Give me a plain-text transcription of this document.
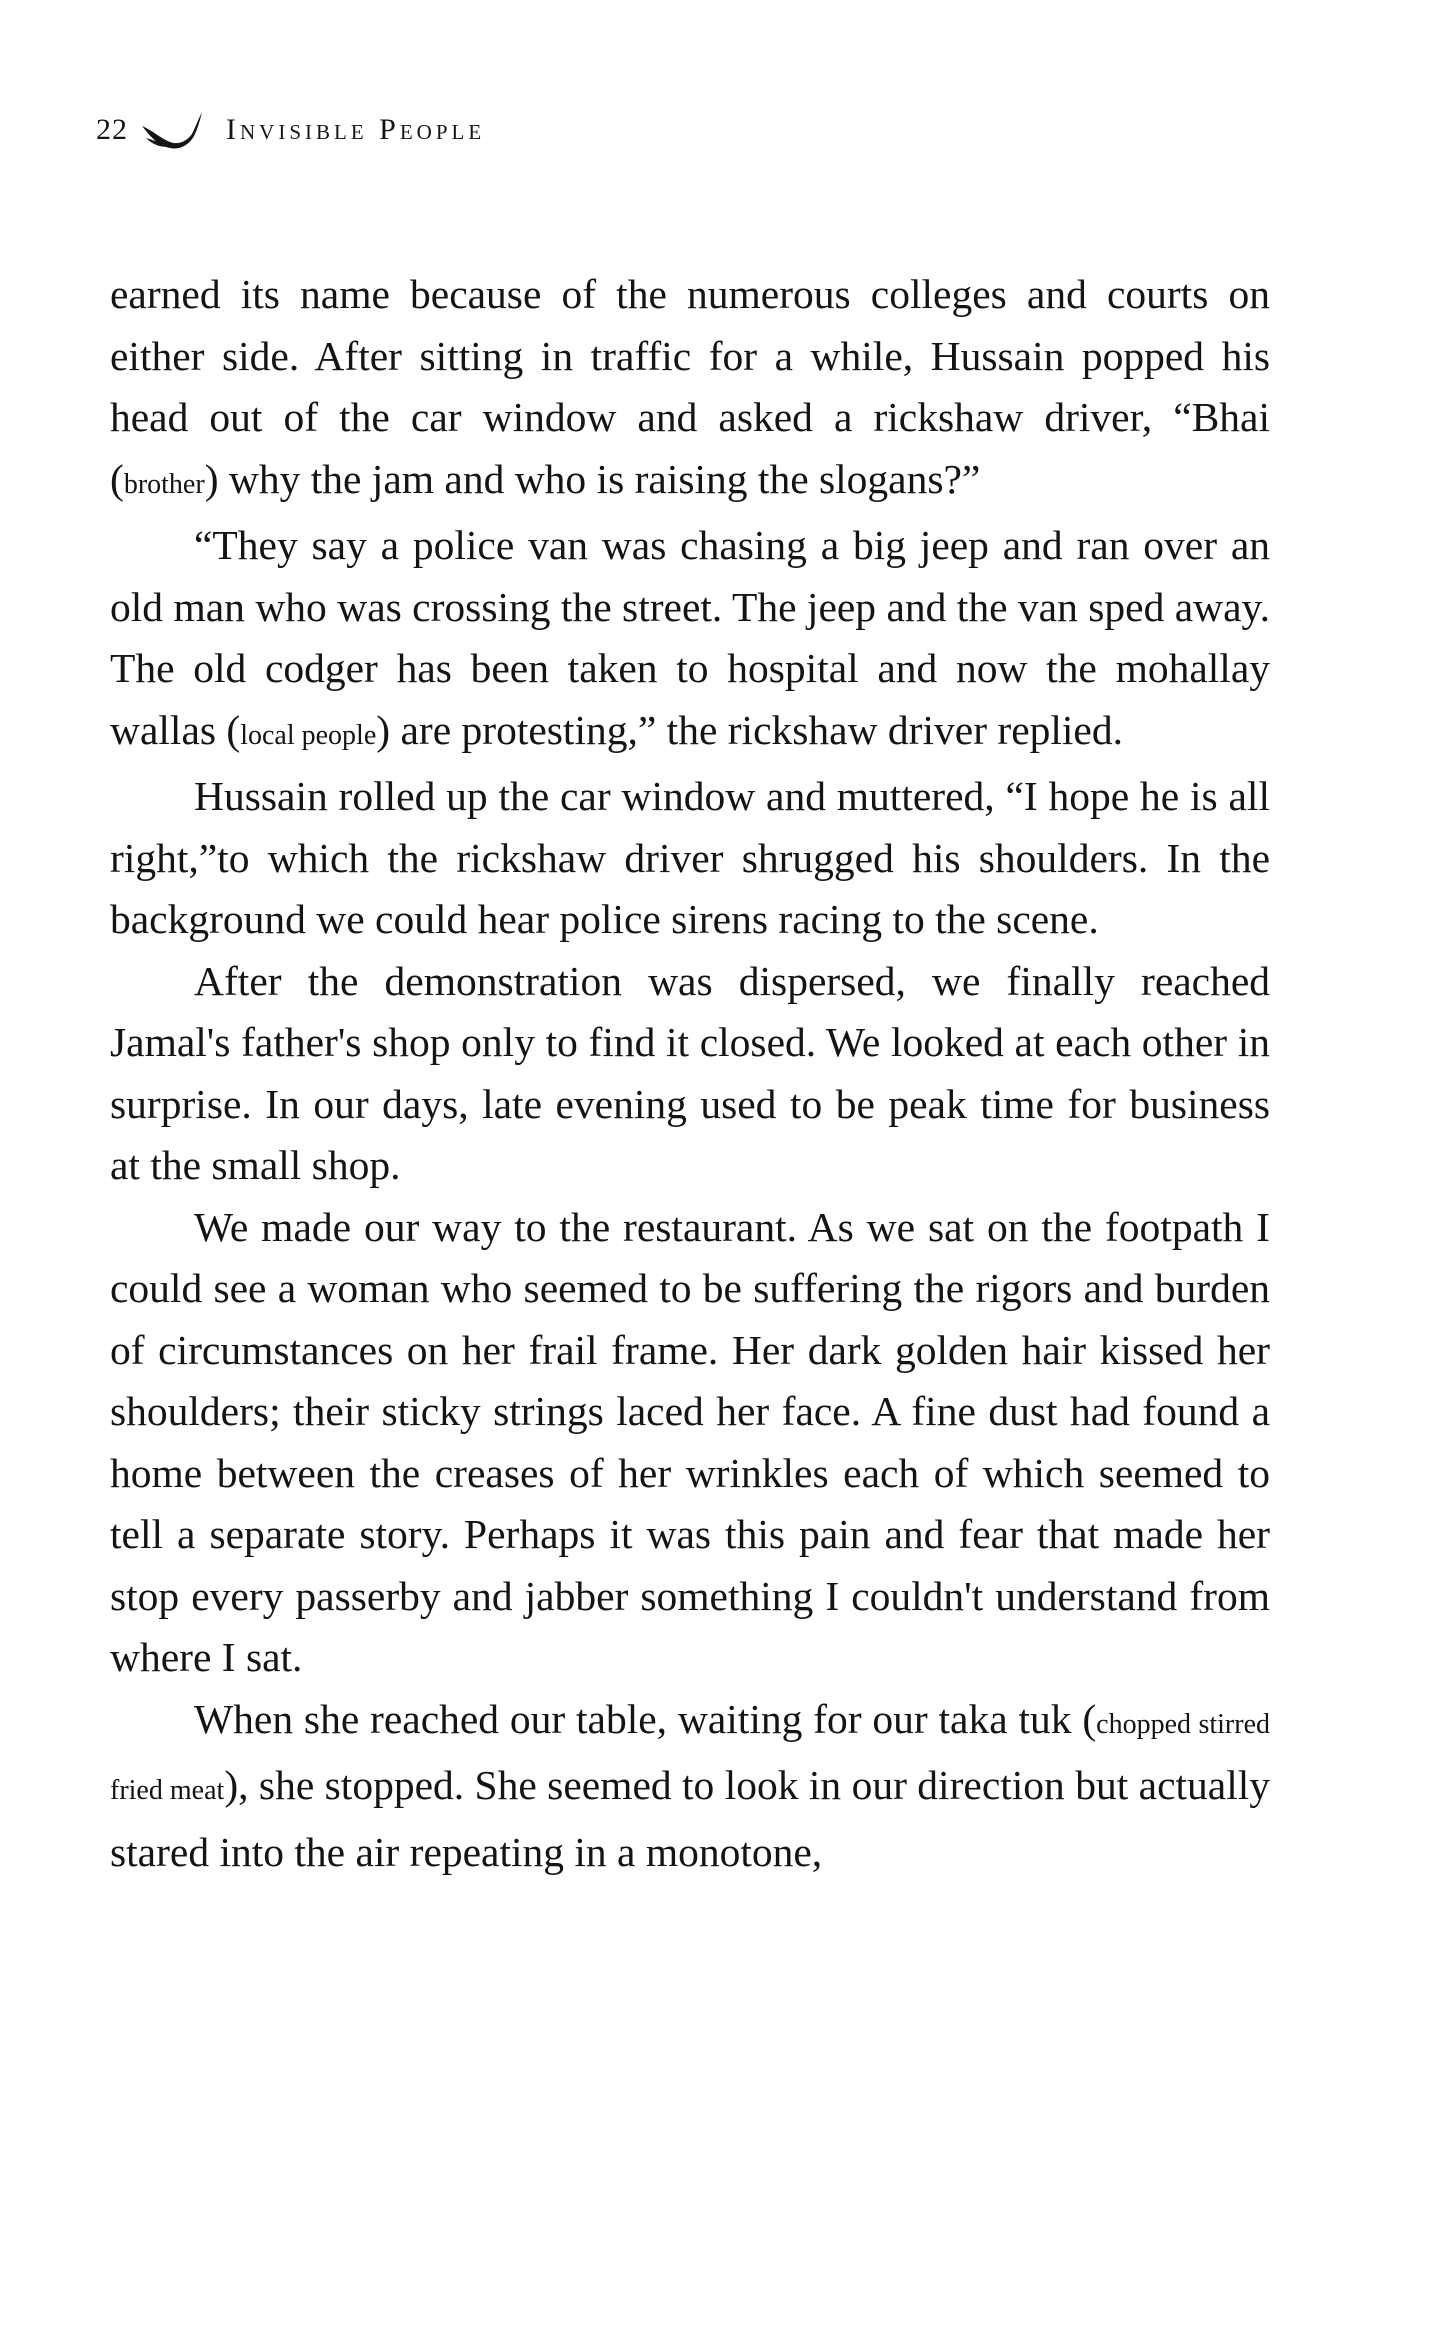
22	Invisible People

earned its name because of the numerous colleges and courts on either side. After sitting in traffic for a while, Hussain popped his head out of the car window and asked a rickshaw driver, “Bhai (brother) why the jam and who is raising the slogans?”

“They say a police van was chasing a big jeep and ran over an old man who was crossing the street. The jeep and the van sped away. The old codger has been taken to hospital and now the mohallay wallas (local people) are protesting,” the rickshaw driver replied.

Hussain rolled up the car window and muttered, “I hope he is all right,”to which the rickshaw driver shrugged his shoulders. In the background we could hear police sirens racing to the scene.

After the demonstration was dispersed, we finally reached Jamal's father's shop only to find it closed. We looked at each other in surprise. In our days, late evening used to be peak time for business at the small shop.

We made our way to the restaurant. As we sat on the footpath I could see a woman who seemed to be suffering the rigors and burden of circumstances on her frail frame. Her dark golden hair kissed her shoulders; their sticky strings laced her face. A fine dust had found a home between the creases of her wrinkles each of which seemed to tell a separate story. Perhaps it was this pain and fear that made her stop every passerby and jabber something I couldn't understand from where I sat.

When she reached our table, waiting for our taka tuk (chopped stirred fried meat), she stopped. She seemed to look in our direction but actually stared into the air repeating in a monotone,
